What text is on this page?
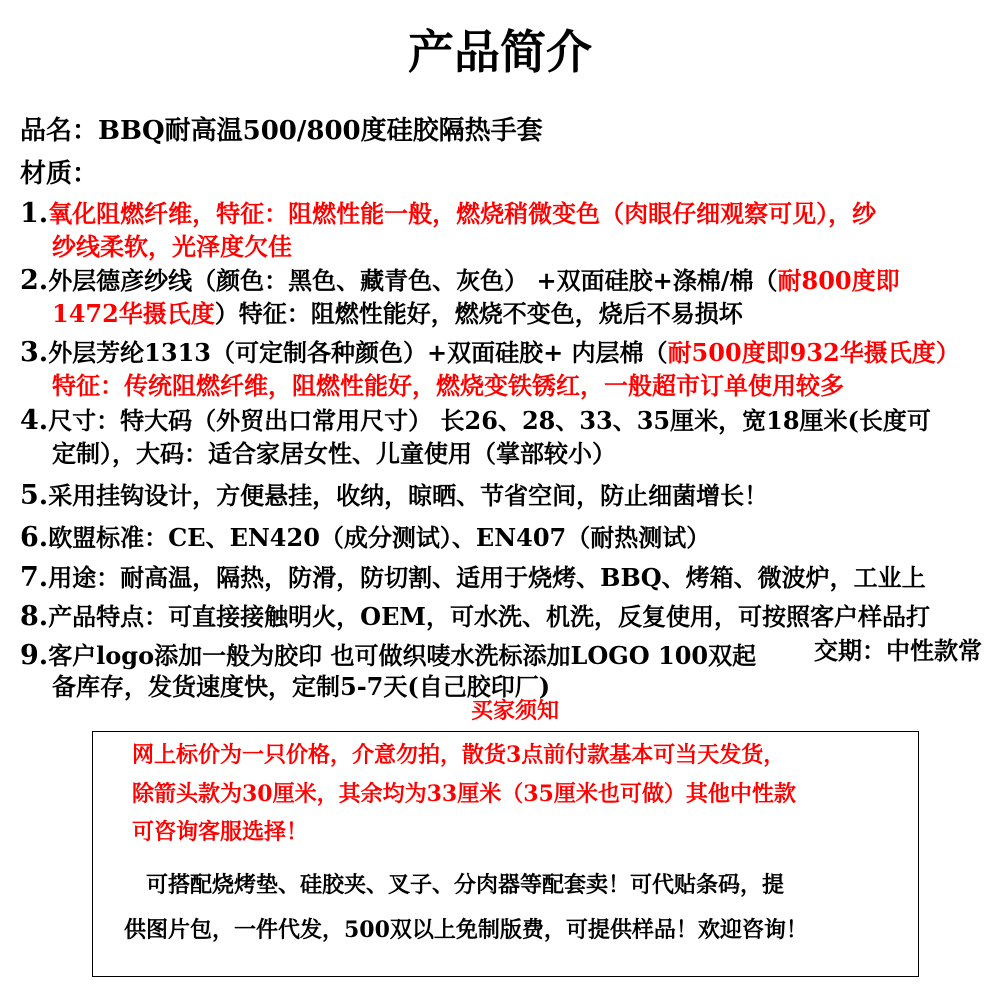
产品简介
品名：BBQ耐高温500/800度硅胶隔热手套
材质：
1.氧化阻燃纤维，特征：阻燃性能一般，燃烧稍微变色（肉眼仔细观察可见），纱
纱线柔软，光泽度欠佳
2.外层德彦纱线（颜色：黑色、藏青色、灰色） +双面硅胶+涤棉/棉（耐800度即
1472华摄氏度）特征：阻燃性能好，燃烧不变色，烧后不易损坏
3.外层芳纶1313（可定制各种颜色）+双面硅胶+ 内层棉（耐500度即932华摄氏度）
特征：传统阻燃纤维，阻燃性能好，燃烧变铁锈红，一般超市订单使用较多
4.尺寸：特大码（外贸出口常用尺寸） 长26、28、33、35厘米，宽18厘米(长度可
定制），大码：适合家居女性、儿童使用（掌部较小）
5.采用挂钩设计，方便悬挂，收纳，晾晒、节省空间，防止细菌增长！
6.欧盟标准：CE、EN420（成分测试）、EN407（耐热测试）
7.用途：耐高温，隔热，防滑，防切割、适用于烧烤、BBQ、烤箱、微波炉，工业上
8.产品特点：可直接接触明火，OEM，可水洗、机洗，反复使用，可按照客户样品打
9.客户logo添加一般为胶印 也可做织唛水洗标添加LOGO 100双起 交期：中性款常
备库存，发货速度快，定制5-7天(自己胶印厂)
买家须知
网上标价为一只价格，介意勿拍，散货3点前付款基本可当天发货，
除箭头款为30厘米，其余均为33厘米（35厘米也可做）其他中性款
可咨询客服选择！
可搭配烧烤垫、硅胶夹、叉子、分肉器等配套卖！可代贴条码，提
供图片包，一件代发，500双以上免制版费，可提供样品！欢迎咨询！
